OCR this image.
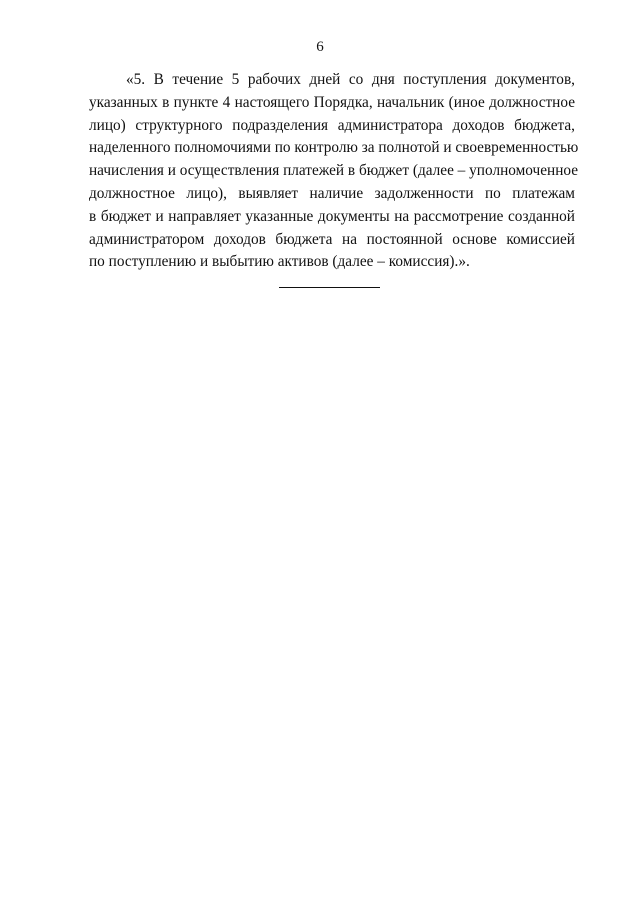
6

«5. В течение 5 рабочих дней со дня поступления документов,
указанных в пункте 4 настоящего Порядка, начальник (иное должностное
лицо) структурного подразделения администратора доходов бюджета,
наделенного полномочиями по контролю за полнотой и своевременностью
начисления и осуществления платежей в бюджет (далее – уполномоченное
должностное лицо), выявляет наличие задолженности по платежам
в бюджет и направляет указанные документы на рассмотрение созданной
администратором доходов бюджета на постоянной основе комиссией
по поступлению и выбытию активов (далее – комиссия).».
